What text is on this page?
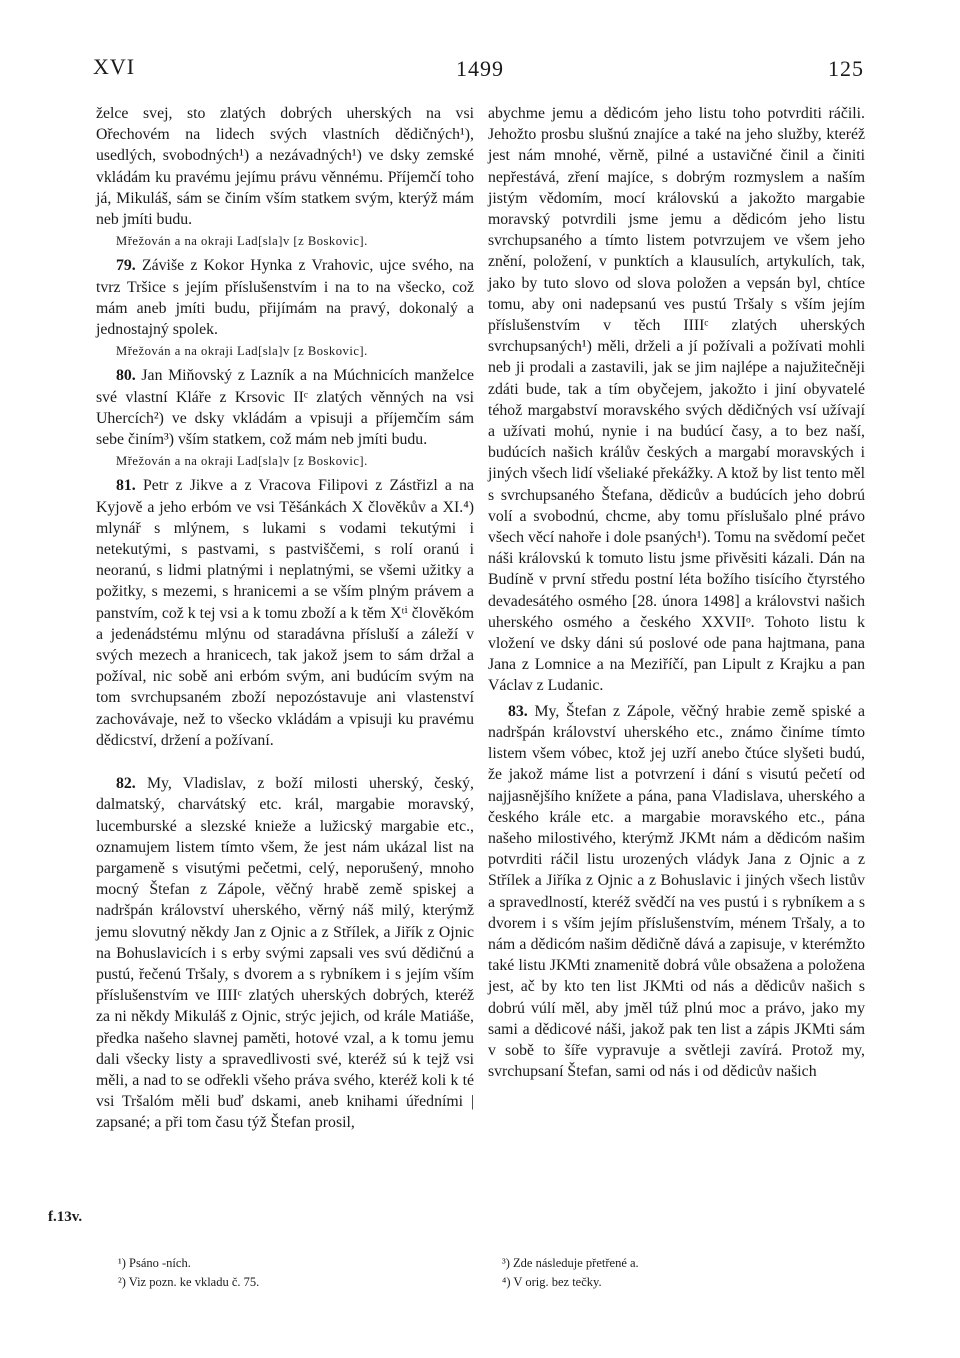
XVI	1499	125

želce svej, sto zlatých dobrých uherských na vsi Ořechovém na lidech svých vlastních dědičných¹), usedlých, svobodných¹) a nezávadných¹) ve dsky zemské vkládám ku pravému jejímu právu věnnému. Příjemčí toho já, Mikuláš, sám se činím vším statkem svým, kterýž mám neb jmíti budu.

Mřežován a na okraji Lad[sla]v [z Boskovic].

79. Záviše z Kokor Hynka z Vrahovic, ujce svého, na tvrz Tršice s jejím příslušenstvím i na to na všecko, což mám aneb jmíti budu, přijímám na pravý, dokonalý a jednostajný spolek.

Mřežován a na okraji Lad[sla]v [z Boskovic].

80. Jan Miňovský z Lazník a na Múchnicích manželce své vlastní Kláře z Krsovic IIᶜ zlatých věnných na vsi Uhercích²) ve dsky vkládám a vpisuji a příjemčím sám sebe činím³) vším statkem, což mám neb jmíti budu.

Mřežován a na okraji Lad[sla]v [z Boskovic].

81. Petr z Jikve a z Vracova Filipovi z Zástřizl a na Kyjově a jeho erbóm ve vsi Těšánkách X člověkův a XI.⁴) mlynář s mlýnem, s lukami s vodami tekutými i netekutými, s pastvami, s pastviščemi, s rolí oranú i neoranú, s lidmi platnými i neplatnými, se všemi užitky a požitky, s mezemi, s hranicemi a se vším plným právem a panstvím, což k tej vsi a k tomu zboží a k těm Xᵗⁱ člověkóm a jedenádstému mlýnu od staradávna přísluší a záleží v svých mezech a hranicech, tak jakož jsem to sám držal a požíval, nic sobě ani erbóm svým, ani budúcím svým na tom svrchupsaném zboží nepozóstavuje ani vlastenství zachovávaje, než to všecko vkládám a vpisuji ku pravému dědicství, držení a požívaní.

82. My, Vladislav, z boží milosti uherský, český, dalmatský, charvátský etc. král, margabie moravský, lucemburské a slezské knieže a lužicský margabie etc., oznamujem listem tímto všem, že jest nám ukázal list na pargameně s visutými pečetmi, celý, neporušený, mnoho mocný Štefan z Zápole, věčný hrabě země spiskej a nadršpán království uherského, věrný náš milý, kterýmž jemu slovutný někdy Jan z Ojnic a z Střílek, a Jiřík z Ojnic na Bohuslavicích i s erby svými zapsali ves svú dědičnú a pustú, řečenú Tršaly, s dvorem a s rybníkem i s jejím vším příslušenstvím ve IIIIᶜ zlatých uherských dobrých, kteréž za ni někdy Mikuláš z Ojnic, strýc jejich, od krále Matiáše, předka našeho slavnej paměti, hotové vzal, a k tomu jemu dali všecky listy a spravedlivosti své, kteréž sú k tejž vsi měli, a nad to se odřekli všeho práva svého, kteréž koli k té vsi Tršalóm měli buď dskami, aneb knihami úředními | zapsané; a při tom času týž Štefan prosil,

f.13v.

abychme jemu a dědicóm jeho listu toho potvrditi ráčili. Jehožto prosbu slušnú znajíce a také na jeho služby, kteréž jest nám mnohé, věrně, pilné a ustavičné činil a činiti nepřestává, zření majíce, s dobrým rozmyslem a naším jistým vědomím, mocí královskú a jakožto margabie moravský potvrdili jsme jemu a dědicóm jeho listu svrchupsaného a tímto listem potvrzujem ve všem jeho znění, položení, v punktích a klausulích, artykulích, tak, jako by tuto slovo od slova položen a vepsán byl, chtíce tomu, aby oni nadepsanú ves pustú Tršaly s vším jejím příslušenstvím v těch IIIIᶜ zlatých uherských svrchupsaných¹) měli, drželi a jí požívali a požívati mohli neb ji prodali a zastavili, jak se jim najlépe a najužitečněji zdáti bude, tak a tím obyčejem, jakožto i jiní obyvatelé téhož margabství moravského svých dědičných vsí užívají a užívati mohú, nynie i na budúcí časy, a to bez naší, budúcích našich králův českých a margabí moravských i jiných všech lidí všeliaké překážky. A ktož by list tento měl s svrchupsaného Štefana, dědicův a budúcích jeho dobrú volí a svobodnú, chcme, aby tomu příslušalo plné právo všech věcí nahoře i dole psaných¹). Tomu na svědomí pečet náši královskú k tomuto listu jsme přivěsiti kázali. Dán na Budíně v první středu postní léta božího tisícího čtyrstého devadesátého osmého [28. února 1498] a královstvi našich uherského osmého a českého XXVIIᵒ. Tohoto listu k vložení ve dsky dáni sú poslové ode pana hajtmana, pana Jana z Lomnice a na Meziříčí, pan Lipult z Krajku a pan Václav z Ludanic.

83. My, Štefan z Zápole, věčný hrabie země spiské a nadršpán království uherského etc., známo činíme tímto listem všem vóbec, ktož jej uzří anebo čtúce slyšeti budú, že jakož máme list a potvrzení i dání s visutú pečetí od najjasnějšího knížete a pána, pana Vladislava, uherského a českého krále etc. a margabie moravského etc., pána našeho milostivého, kterýmž JKMt nám a dědicóm našim potvrditi ráčil listu urozených vládyk Jana z Ojnic a z Střílek a Jiříka z Ojnic a z Bohuslavic i jiných všech listův a spravedlností, kteréž svědčí na ves pustú i s rybníkem a s dvorem i s vším jejím příslušenstvím, ménem Tršaly, a to nám a dědicóm našim dědičně dává a zapisuje, v kterémžto také listu JKMti znamenitě dobrá vůle obsažena a položena jest, ač by kto ten list JKMti od nás a dědicův našich s dobrú vúlí měl, aby jměl túž plnú moc a právo, jako my sami a dědicové náši, jakož pak ten list a zápis JKMti sám v sobě to šíře vypravuje a světleji zavírá. Protož my, svrchupsaní Štefan, sami od nás i od dědicův našich

¹) Psáno -ních.
²) Viz pozn. ke vkladu č. 75.
³) Zde následuje přetřené a.
⁴) V orig. bez tečky.
